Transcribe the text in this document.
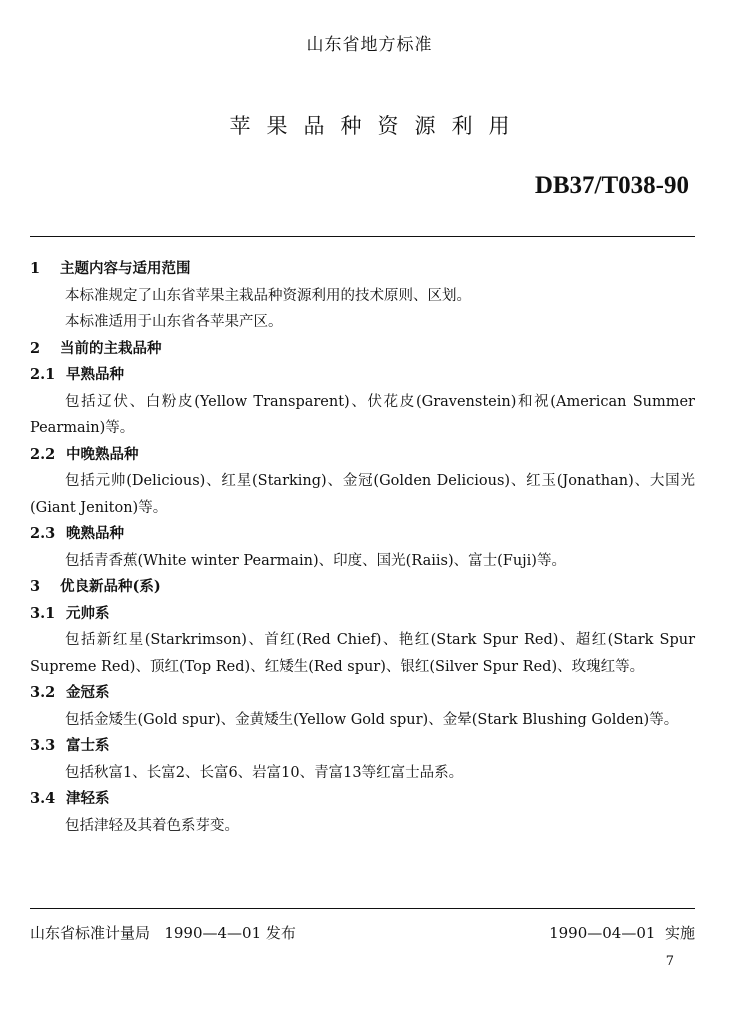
山东省地方标准
苹果品种资源利用
DB37/T038-90

1 主题内容与适用范围

本标准规定了山东省苹果主栽品种资源利用的技术原则、区划。

本标准适用于山东省各苹果产区。

2 当前的主栽品种

2.1 早熟品种

包括辽伏、白粉皮(Yellow Transparent)、伏花皮(Gravenstein)和祝(American Summer Pearmain)等。

2.2 中晚熟品种

包括元帅(Delicious)、红星(Starking)、金冠(Golden Delicious)、红玉(Jonathan)、大国光(Giant Jeniton)等。

2.3 晚熟品种

包括青香蕉(White winter Pearmain)、印度、国光(Raiis)、富士(Fuji)等。

3 优良新品种(系)

3.1 元帅系

包括新红星(Starkrimson)、首红(Red Chief)、艳红(Stark Spur Red)、超红(Stark Spur Supreme Red)、顶红(Top Red)、红矮生(Red spur)、银红(Silver Spur Red)、玫瑰红等。

3.2 金冠系

包括金矮生(Gold spur)、金黄矮生(Yellow Gold spur)、金晕(Stark Blushing Golden)等。

3.3 富士系

包括秋富1、长富2、长富6、岩富10、青富13等红富士品系。

3.4 津轻系

包括津轻及其着色系芽变。

山东省标准计量局 1990—4—01 发布	1990—04—01 实施
7
